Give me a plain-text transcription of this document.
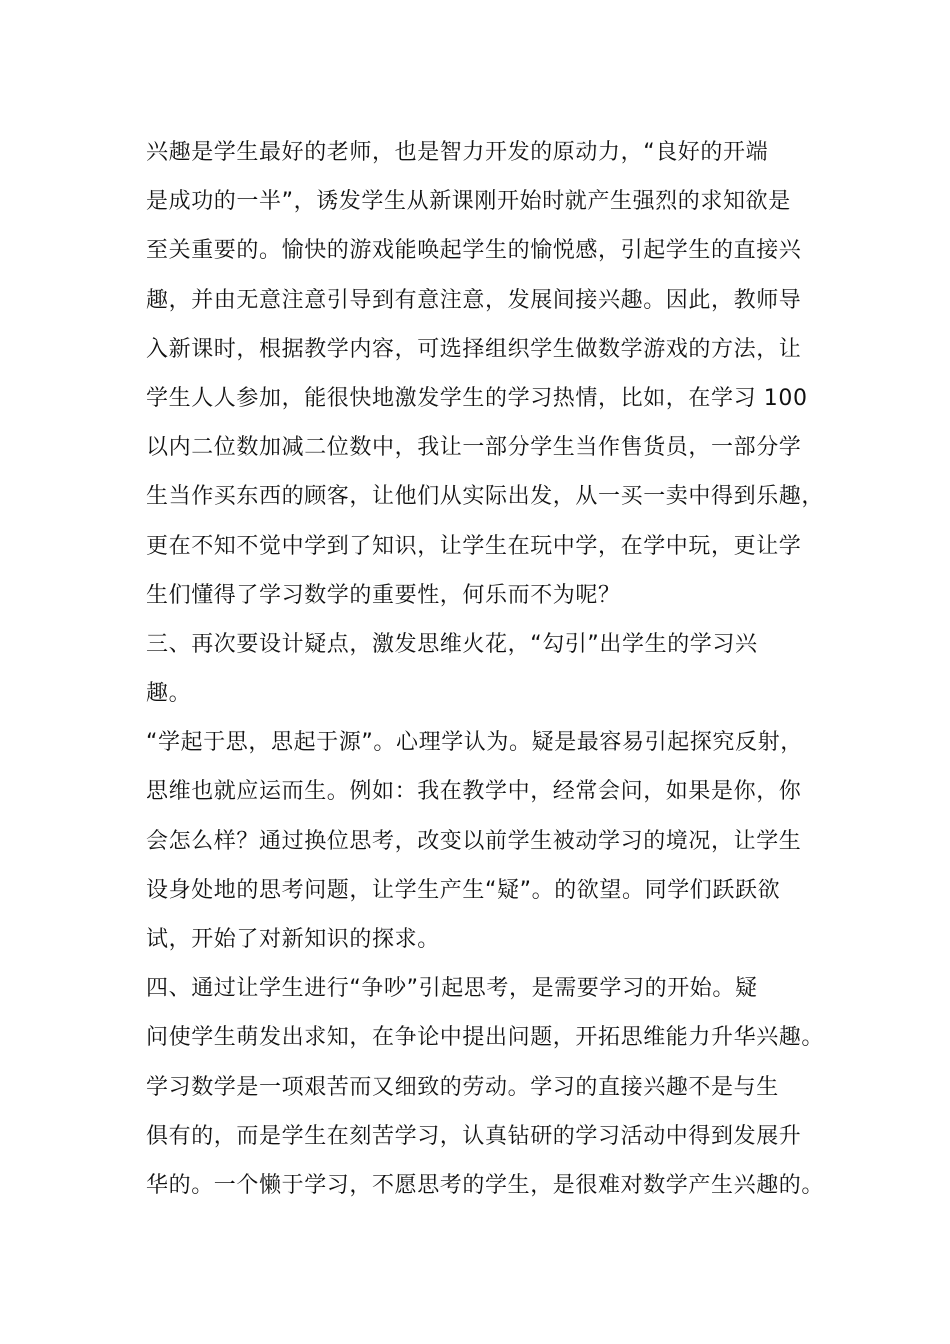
兴趣是学生最好的老师，也是智力开发的原动力，“良好的开端
是成功的一半”，诱发学生从新课刚开始时就产生强烈的求知欲是
至关重要的。愉快的游戏能唤起学生的愉悦感，引起学生的直接兴
趣，并由无意注意引导到有意注意，发展间接兴趣。因此，教师导
入新课时，根据教学内容，可选择组织学生做数学游戏的方法，让
学生人人参加，能很快地激发学生的学习热情，比如，在学习 100
以内二位数加减二位数中，我让一部分学生当作售货员，一部分学
生当作买东西的顾客，让他们从实际出发，从一买一卖中得到乐趣，
更在不知不觉中学到了知识，让学生在玩中学，在学中玩，更让学
生们懂得了学习数学的重要性，何乐而不为呢？
三、再次要设计疑点，激发思维火花，“勾引”出学生的学习兴
趣。
“学起于思，思起于源”。心理学认为。疑是最容易引起探究反射，
思维也就应运而生。例如：我在教学中，经常会问，如果是你，你
会怎么样？通过换位思考，改变以前学生被动学习的境况，让学生
设身处地的思考问题，让学生产生“疑”。的欲望。同学们跃跃欲
试，开始了对新知识的探求。
四、通过让学生进行“争吵”引起思考，是需要学习的开始。疑
问使学生萌发出求知，在争论中提出问题，开拓思维能力升华兴趣。
学习数学是一项艰苦而又细致的劳动。学习的直接兴趣不是与生
俱有的，而是学生在刻苦学习，认真钻研的学习活动中得到发展升
华的。一个懒于学习，不愿思考的学生，是很难对数学产生兴趣的。
